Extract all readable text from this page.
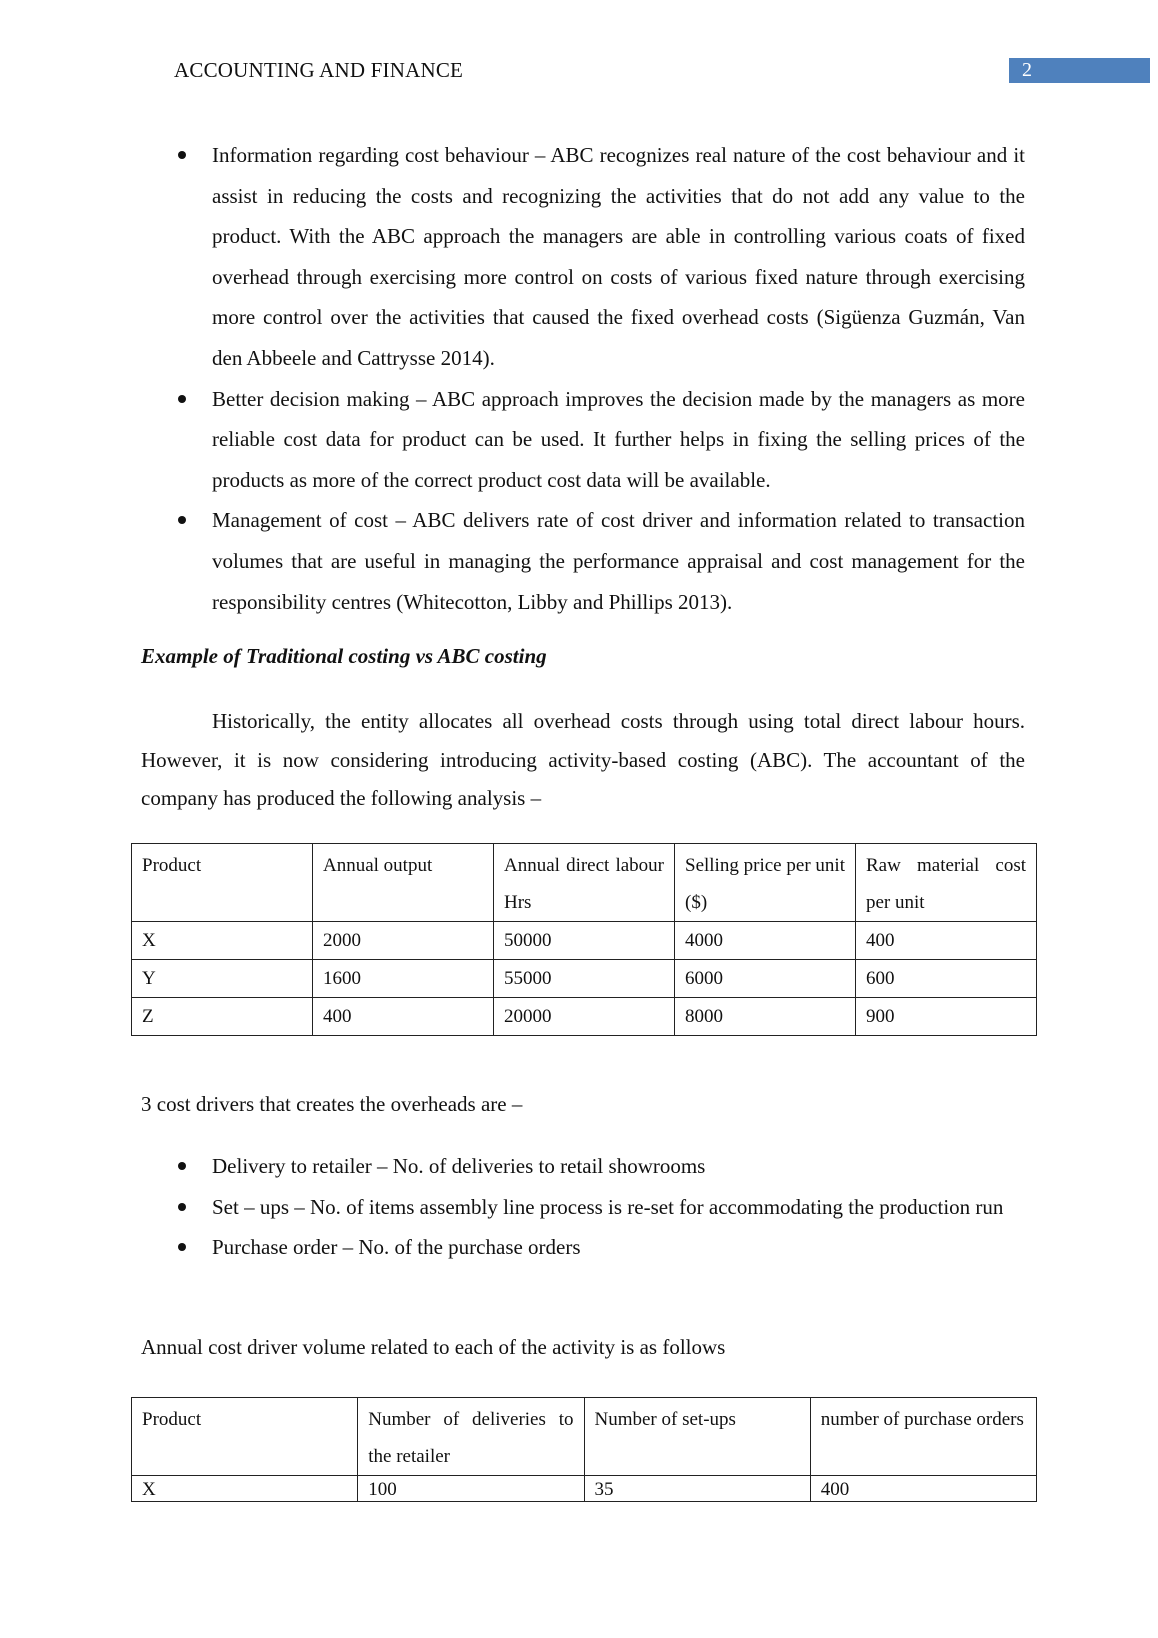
ACCOUNTING AND FINANCE	2
Information regarding cost behaviour – ABC recognizes real nature of the cost behaviour and it assist in reducing the costs and recognizing the activities that do not add any value to the product. With the ABC approach the managers are able in controlling various coats of fixed overhead through exercising more control on costs of various fixed nature through exercising more control over the activities that caused the fixed overhead costs (Sigüenza Guzmán, Van den Abbeele and Cattrysse 2014).
Better decision making – ABC approach improves the decision made by the managers as more reliable cost data for product can be used. It further helps in fixing the selling prices of the products as more of the correct product cost data will be available.
Management of cost – ABC delivers rate of cost driver and information related to transaction volumes that are useful in managing the performance appraisal and cost management for the responsibility centres (Whitecotton, Libby and Phillips 2013).
Example of Traditional costing vs ABC costing
Historically, the entity allocates all overhead costs through using total direct labour hours. However, it is now considering introducing activity-based costing (ABC). The accountant of the company has produced the following analysis –
Product	Annual output	Annual direct labour Hrs	Selling price per unit ($)	Raw material cost per unit
X	2000	50000	4000	400
Y	1600	55000	6000	600
Z	400	20000	8000	900
3 cost drivers that creates the overheads are –
Delivery to retailer – No. of deliveries to retail showrooms
Set – ups – No. of items assembly line process is re-set for accommodating the production run
Purchase order – No. of the purchase orders
Annual cost driver volume related to each of the activity is as follows
Product	Number of deliveries to the retailer	Number of set-ups	number of purchase orders
X	100	35	400
